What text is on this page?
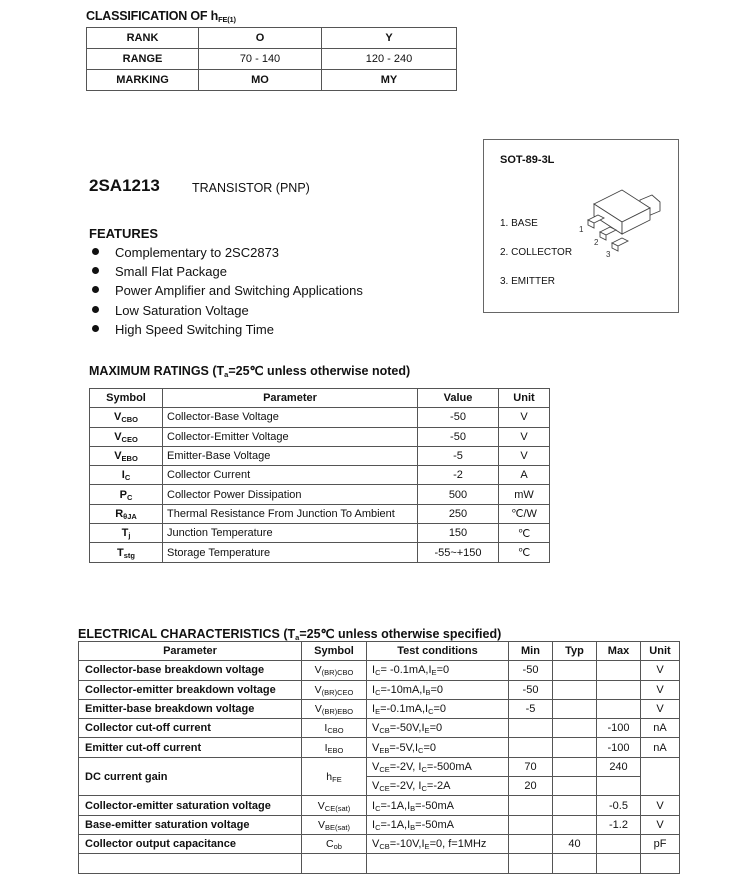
CLASSIFICATION OF $h_{FE(1)}$
RANK	O	Y
RANGE	70 - 140	120 - 240
MARKING	MO	MY
SOT-89-3L
1. BASE
2. COLLECTOR
3. EMITTER
1
2
3
2SA1213	TRANSISTOR (PNP)
FEATURES
Complementary to 2SC2873
Small Flat Package
Power Amplifier and Switching Applications
Low Saturation Voltage
High Speed Switching Time
MAXIMUM RATINGS ($T_a=25℃$ unless otherwise noted)
Symbol	Parameter	Value	Unit
$V_{CBO}$	Collector-Base Voltage	-50	V
$V_{CEO}$	Collector-Emitter Voltage	-50	V
$V_{EBO}$	Emitter-Base Voltage	-5	V
$I_C$	Collector Current	-2	A
$P_C$	Collector Power Dissipation	500	mW
$R_{\theta JA}$	Thermal Resistance From Junction To Ambient	250	℃/W
$T_j$	Junction Temperature	150	℃
$T_{stg}$	Storage Temperature	-55~+150	℃
ELECTRICAL CHARACTERISTICS ($T_a=25℃$ unless otherwise specified)
Parameter	Symbol	Test conditions	Min	Typ	Max	Unit
Collector-base breakdown voltage	$V_{(BR)CBO}$	$I_C= -0.1mA,I_E=0$	-50			V
Collector-emitter breakdown voltage	$V_{(BR)CEO}$	$I_C=-10mA,I_B=0$	-50			V
Emitter-base breakdown voltage	$V_{(BR)EBO}$	$I_E=-0.1mA,I_C=0$	-5			V
Collector cut-off current	$I_{CBO}$	$V_{CB}=-50V,I_E=0$			-100	nA
Emitter cut-off current	$I_{EBO}$	$V_{EB}=-5V,I_C=0$			-100	nA
DC current gain	$h_{FE}$	$V_{CE}=-2V$, $I_C=-500mA$	70		240	
		$V_{CE}=-2V$, $I_C=-2A$	20			
Collector-emitter saturation voltage	$V_{CE(sat)}$	$I_C=-1A,I_B=-50mA$			-0.5	V
Base-emitter saturation voltage	$V_{BE(sat)}$	$I_C=-1A,I_B=-50mA$			-1.2	V
Collector output capacitance	$C_{ob}$	$V_{CB}=-10V,I_E=0$, f=1MHz		40		pF
